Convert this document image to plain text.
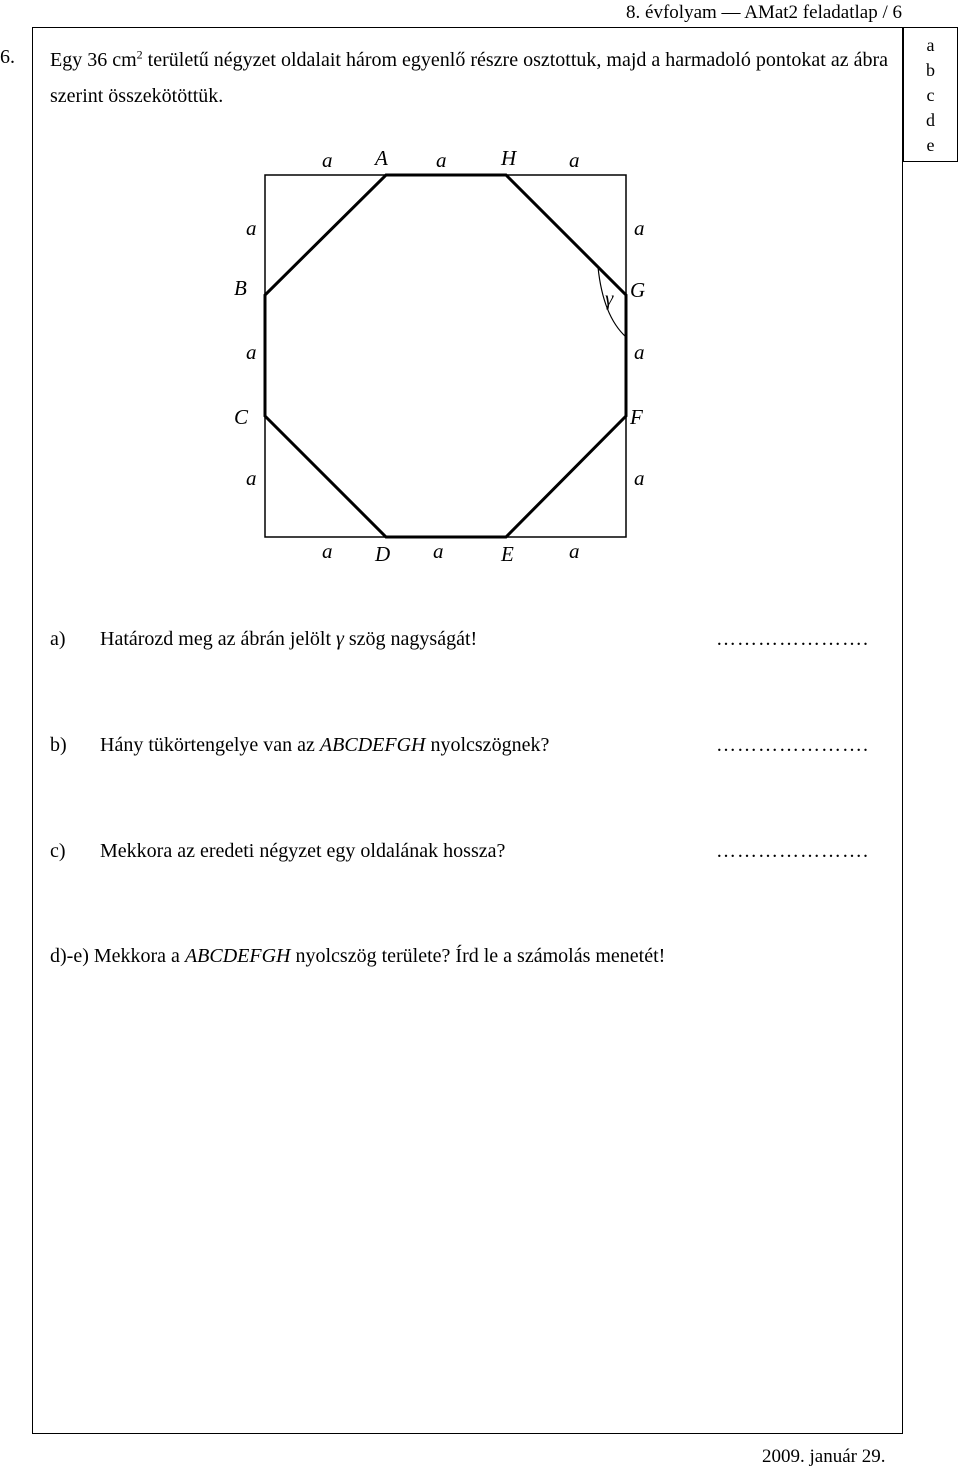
8. évfolyam — AMat2 feladatlap / 6
6. Egy 36 $cm^2$ területű négyzet oldalait három egyenlő részre osztottuk, majd a harmadoló pontokat az ábra szerint összekötöttük.
a
b
c
d
e
a A a	H	a
a
B
a
C
a
a
G
a
F
a
a D a	E	a
γ
a) Határozd meg az ábrán jelölt γ szög nagyságát!	………………….
b) Hány tükörtengelye van az ABCDEFGH nyolcszögnek?	………………….
c) Mekkora az eredeti négyzet egy oldalának hossza?	………………….
d)-e) Mekkora a ABCDEFGH nyolcszög területe? Írd le a számolás menetét!
2009. január 29.
